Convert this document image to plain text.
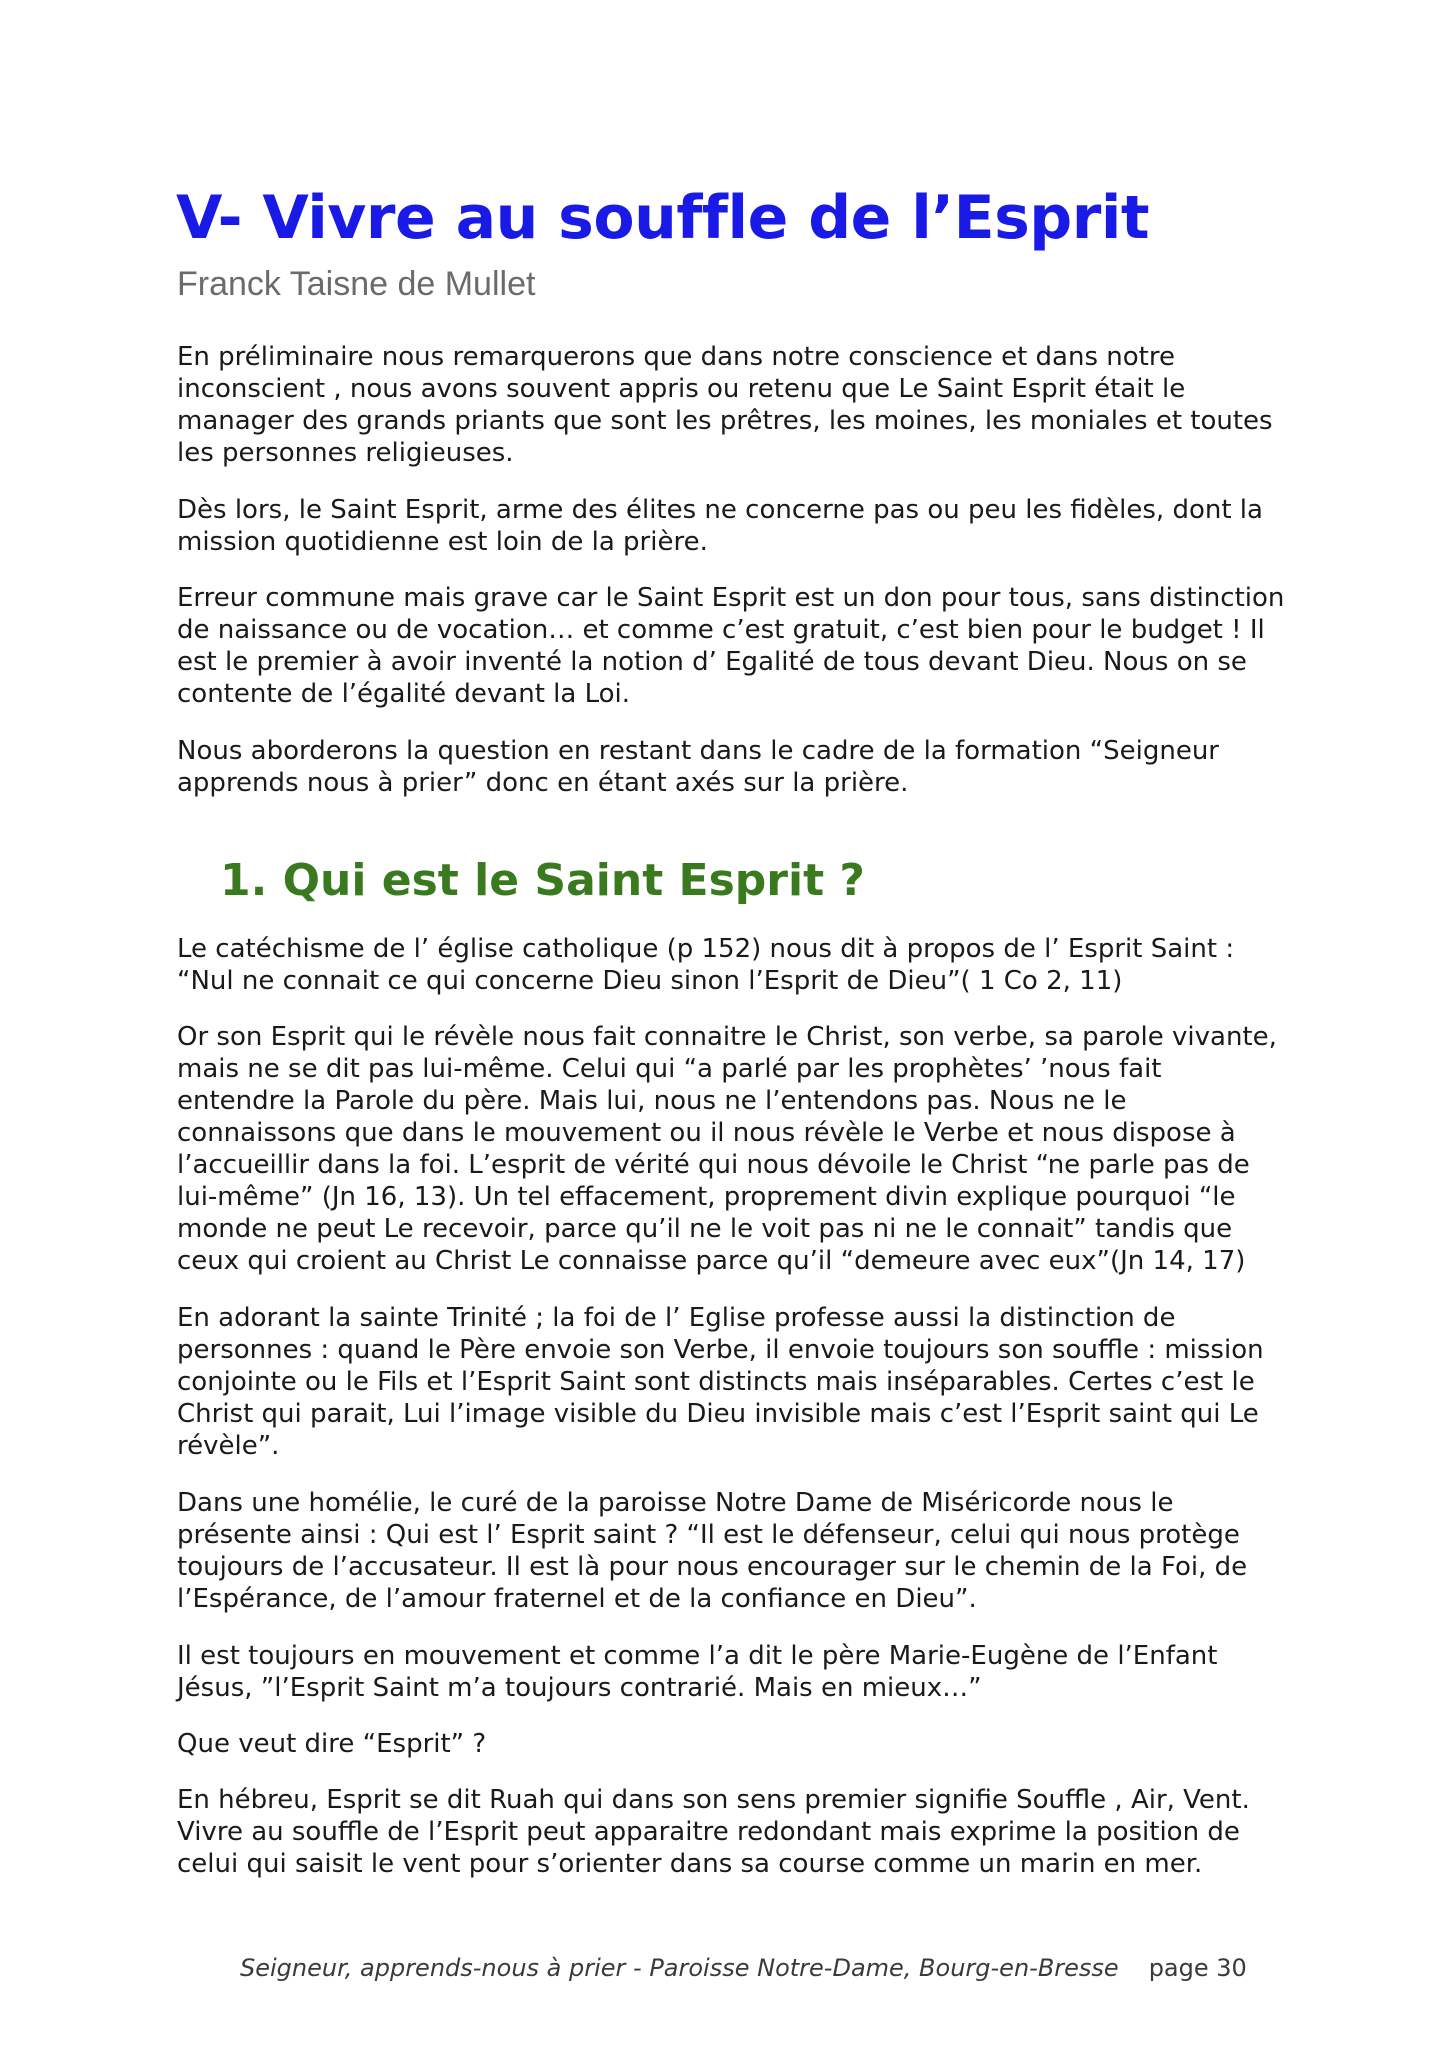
V- Vivre au souffle de l’Esprit

Franck Taisne de Mullet

En préliminaire nous remarquerons que dans notre conscience et dans notre inconscient , nous avons souvent appris ou retenu que Le Saint Esprit était le manager des grands priants que sont les prêtres, les moines, les moniales et toutes les personnes religieuses.

Dès lors, le Saint Esprit, arme des élites ne concerne pas ou peu les fidèles, dont la mission quotidienne est loin de la prière.

Erreur commune mais grave car le Saint Esprit est un don pour tous, sans distinction de naissance ou de vocation… et comme c’est gratuit, c’est bien pour le budget ! Il est le premier à avoir inventé la notion d’ Egalité de tous devant Dieu. Nous on se contente de l’égalité devant la Loi.

Nous aborderons la question en restant dans le cadre de la formation “Seigneur apprends nous à prier” donc en étant axés sur la prière.

1. Qui est le Saint Esprit ?

Le catéchisme de l’ église catholique (p 152) nous dit à propos de l’ Esprit Saint : “Nul ne connait ce qui concerne Dieu sinon l’Esprit de Dieu”( 1 Co 2, 11)

Or son Esprit qui le révèle nous fait connaitre le Christ, son verbe, sa parole vivante, mais ne se dit pas lui-même. Celui qui “a parlé par les prophètes’ ’nous fait entendre la Parole du père. Mais lui, nous ne l’entendons pas. Nous ne le connaissons que dans le mouvement ou il nous révèle le Verbe et nous dispose à l’accueillir dans la foi. L’esprit de vérité qui nous dévoile le Christ “ne parle pas de lui-même” (Jn 16, 13). Un tel effacement, proprement divin explique pourquoi “le monde ne peut Le recevoir, parce qu’il ne le voit pas ni ne le connait” tandis que ceux qui croient au Christ Le connaisse parce qu’il “demeure avec eux”(Jn 14, 17)

En adorant la sainte Trinité ; la foi de l’ Eglise professe aussi la distinction de personnes : quand le Père envoie son Verbe, il envoie toujours son souffle : mission conjointe ou le Fils et l’Esprit Saint sont distincts mais inséparables. Certes c’est le Christ qui parait, Lui l’image visible du Dieu invisible mais c’est l’Esprit saint qui Le révèle”.

Dans une homélie, le curé de la paroisse Notre Dame de Miséricorde nous le présente ainsi : Qui est l’ Esprit saint ? “Il est le défenseur, celui qui nous protège toujours de l’accusateur. Il est là pour nous encourager sur le chemin de la Foi, de l’Espérance, de l’amour fraternel et de la confiance en Dieu”.

Il est toujours en mouvement et comme l’a dit le père Marie-Eugène de l’Enfant Jésus, ”l’Esprit Saint m’a toujours contrarié. Mais en mieux…”

Que veut dire “Esprit” ?

En hébreu, Esprit se dit Ruah qui dans son sens premier signifie Souffle , Air, Vent. Vivre au souffle de l’Esprit peut apparaitre redondant mais exprime la position de celui qui saisit le vent pour s’orienter dans sa course comme un marin en mer.

Seigneur, apprends-nous à prier - Paroisse Notre-Dame, Bourg-en-Bresse page 30
